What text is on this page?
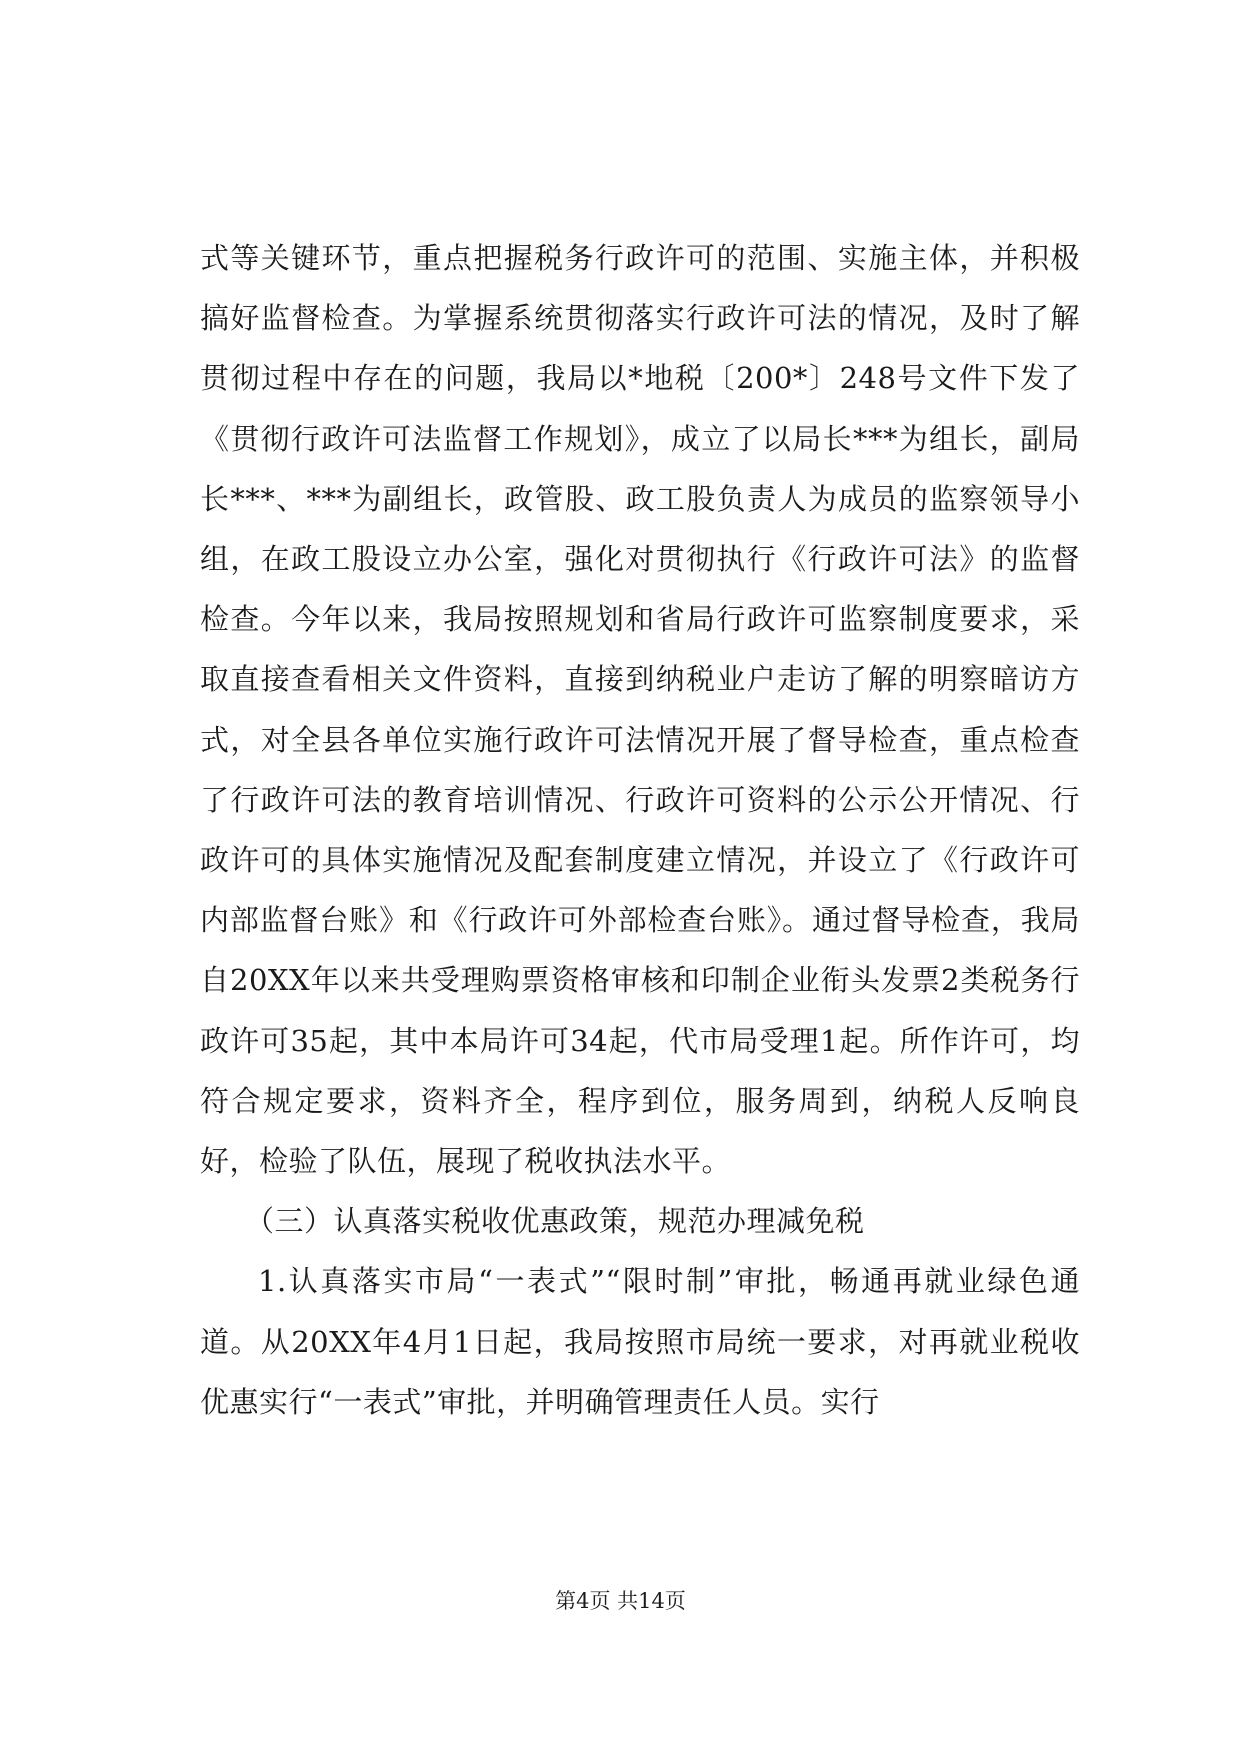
式等关键环节，重点把握税务行政许可的范围、实施主体，并积极搞好监督检查。为掌握系统贯彻落实行政许可法的情况，及时了解贯彻过程中存在的问题，我局以*地税〔200*〕248号文件下发了《贯彻行政许可法监督工作规划》，成立了以局长***为组长，副局长***、***为副组长，政管股、政工股负责人为成员的监察领导小组，在政工股设立办公室，强化对贯彻执行《行政许可法》的监督检查。今年以来，我局按照规划和省局行政许可监察制度要求，采取直接查看相关文件资料，直接到纳税业户走访了解的明察暗访方式，对全县各单位实施行政许可法情况开展了督导检查，重点检查了行政许可法的教育培训情况、行政许可资料的公示公开情况、行政许可的具体实施情况及配套制度建立情况，并设立了《行政许可内部监督台账》和《行政许可外部检查台账》。通过督导检查，我局自20XX年以来共受理购票资格审核和印制企业衔头发票2类税务行政许可35起，其中本局许可34起，代市局受理1起。所作许可，均符合规定要求，资料齐全，程序到位，服务周到，纳税人反响良好，检验了队伍，展现了税收执法水平。

（三）认真落实税收优惠政策，规范办理减免税

1.认真落实市局“一表式”“限时制”审批，畅通再就业绿色通道。从20XX年4月1日起，我局按照市局统一要求，对再就业税收优惠实行“一表式”审批，并明确管理责任人员。实行

第4页 共14页
